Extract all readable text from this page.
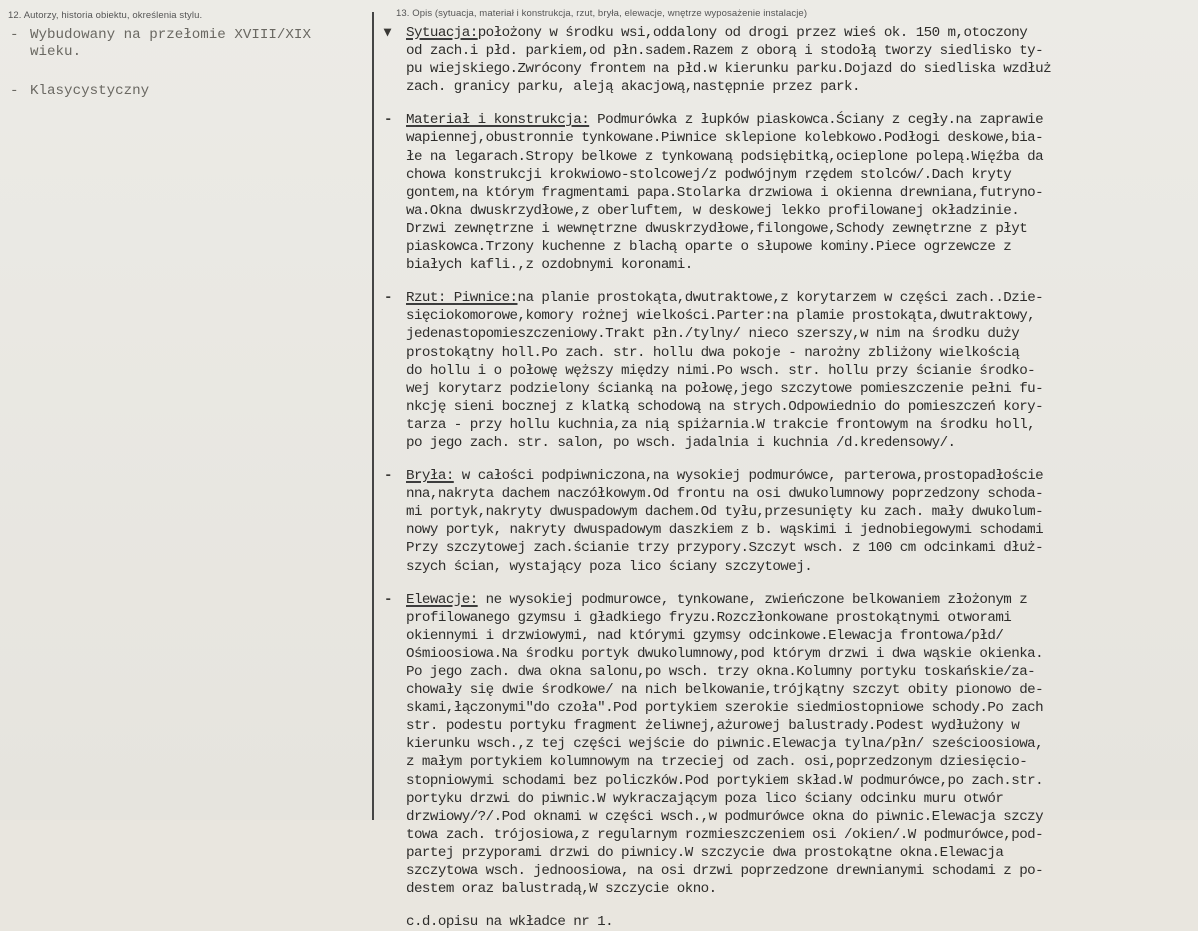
12. Autorzy, historia obiektu, określenia stylu.
- Wybudowany na przełomie XVIII/XIX wieku.
- Klasycystyczny
13. Opis (sytuacja, materiał i konstrukcja, rzut, bryła, elewacje, wnętrze wyposażenie instalacje)
▾ Sytuacja:położony w środku wsi,oddalony od drogi przez wieś ok. 150 m,otoczony
od zach.i płd. parkiem,od płn.sadem.Razem z oborą i stodołą tworzy siedlisko ty-
pu wiejskiego.Zwrócony frontem na płd.w kierunku parku.Dojazd do siedliska wzdłuż
zach. granicy parku, aleją akacjową,następnie przez park.
- Materiał i konstrukcja: Podmurówka z łupków piaskowca.Ściany z cegły.na zaprawie
wapiennej,obustronnie tynkowane.Piwnice sklepione kolebkowo.Podłogi deskowe,bia-
łe na legarach.Stropy belkowe z tynkowaną podsiębitką,ocieplone polepą.Więźba da
chowa konstrukcji krokwiowo-stolcowej/z podwójnym rzędem stolców/.Dach kryty
gontem,na którym fragmentami papa.Stolarka drzwiowa i okienna drewniana,futryno-
wa.Okna dwuskrzydłowe,z oberluftem, w deskowej lekko profilowanej okładzinie.
Drzwi zewnętrzne i wewnętrzne dwuskrzydłowe,filongowe,Schody zewnętrzne z płyt
piaskowca.Trzony kuchenne z blachą oparte o słupowe kominy.Piece ogrzewcze z
białych kafli.,z ozdobnymi koronami.
- Rzut: Piwnice:na planie prostokąta,dwutraktowe,z korytarzem w części zach..Dzie-
sięciokomorowe,komory rożnej wielkości.Parter:na plamie prostokąta,dwutraktowy,
jedenastopomieszczeniowy.Trakt płn./tylny/ nieco szerszy,w nim na środku duży
prostokątny holl.Po zach. str. hollu dwa pokoje - narożny zbliżony wielkością
do hollu i o połowę węższy między nimi.Po wsch. str. hollu przy ścianie środko-
wej korytarz podzielony ścianką na połowę,jego szczytowe pomieszczenie pełni fu-
nkcję sieni bocznej z klatką schodową na strych.Odpowiednio do pomieszczeń kory-
tarza - przy hollu kuchnia,za nią spiżarnia.W trakcie frontowym na środku holl,
po jego zach. str. salon, po wsch. jadalnia i kuchnia /d.kredensowy/.
- Bryła: w całości podpiwniczona,na wysokiej podmurówce, parterowa,prostopadłoście
nna,nakryta dachem naczółkowym.Od frontu na osi dwukolumnowy poprzedzony schoda-
mi portyk,nakryty dwuspadowym dachem.Od tyłu,przesunięty ku zach. mały dwukolum-
nowy portyk, nakryty dwuspadowym daszkiem z b. wąskimi i jednobiegowymi schodami
Przy szczytowej zach.ścianie trzy przypory.Szczyt wsch. z 100 cm odcinkami dłuż-
szych ścian, wystający poza lico ściany szczytowej.
- Elewacje: ne wysokiej podmurowce, tynkowane, zwieńczone belkowaniem złożonym z
profilowanego gzymsu i gładkiego fryzu.Rozczłonkowane prostokątnymi otworami
okiennymi i drzwiowymi, nad którymi gzymsy odcinkowe.Elewacja frontowa/płd/
Ośmioosiowa.Na środku portyk dwukolumnowy,pod którym drzwi i dwa wąskie okienka.
Po jego zach. dwa okna salonu,po wsch. trzy okna.Kolumny portyku toskańskie/za-
chowały się dwie środkowe/ na nich belkowanie,trójkątny szczyt obity pionowo de-
skami,łączonymi"do czoła".Pod portykiem szerokie siedmiostopniowe schody.Po zach
str. podestu portyku fragment żeliwnej,ażurowej balustrady.Podest wydłużony w
kierunku wsch.,z tej części wejście do piwnic.Elewacja tylna/płn/ sześcioosiowa,
z małym portykiem kolumnowym na trzeciej od zach. osi,poprzedzonym dziesięcio-
stopniowymi schodami bez policzków.Pod portykiem skład.W podmurówce,po zach.str.
portyku drzwi do piwnic.W wykraczającym poza lico ściany odcinku muru otwór
drzwiowy/?/.Pod oknami w części wsch.,w podmurówce okna do piwnic.Elewacja szczy
towa zach. trójosiowa,z regularnym rozmieszczeniem osi /okien/.W podmurówce,pod-
partej przyporami drzwi do piwnicy.W szczycie dwa prostokątne okna.Elewacja
szczytowa wsch. jednoosiowa, na osi drzwi poprzedzone drewnianymi schodami z po-
destem oraz balustradą,W szczycie okno.
c.d.opisu na wkładce nr 1.
